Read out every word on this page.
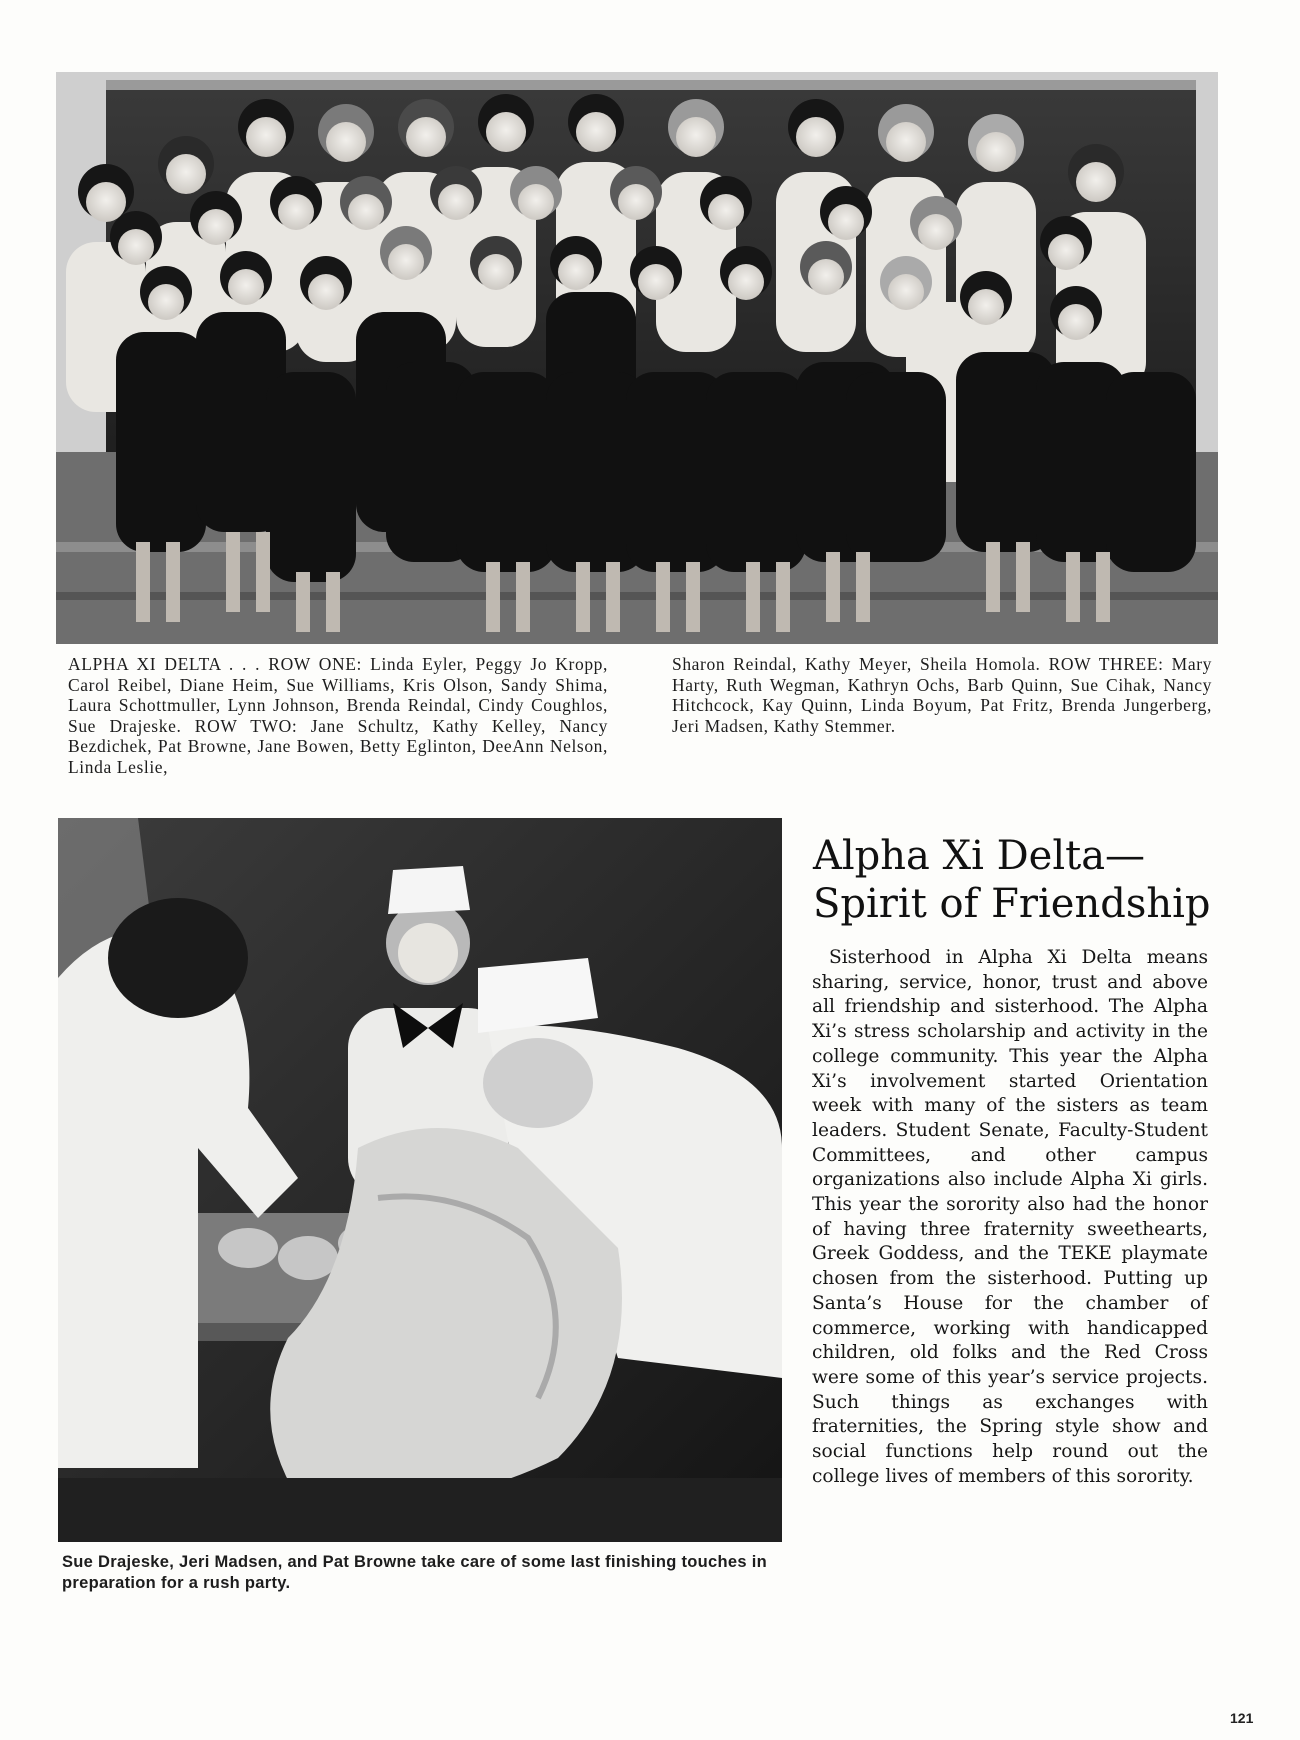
ALPHA XI DELTA . . . ROW ONE: Linda Eyler, Peggy Jo Kropp, Carol Reibel, Diane Heim, Sue Williams, Kris Olson, Sandy Shima, Laura Schottmuller, Lynn Johnson, Brenda Reindal, Cindy Coughlos, Sue Drajeske. ROW TWO: Jane Schultz, Kathy Kelley, Nancy Bezdichek, Pat Browne, Jane Bowen, Betty Eglinton, DeeAnn Nelson, Linda Leslie,
Sharon Reindal, Kathy Meyer, Sheila Homola. ROW THREE: Mary Harty, Ruth Wegman, Kathryn Ochs, Barb Quinn, Sue Cihak, Nancy Hitchcock, Kay Quinn, Linda Boyum, Pat Fritz, Brenda Jungerberg, Jeri Madsen, Kathy Stemmer.
Sue Drajeske, Jeri Madsen, and Pat Browne take care of some last finishing touches in preparation for a rush party.
Alpha Xi Delta—
Spirit of Friendship

Sisterhood in Alpha Xi Delta means sharing, service, honor, trust and above all friendship and sisterhood. The Alpha Xi’s stress scholarship and activity in the college community. This year the Alpha Xi’s involvement started Orientation week with many of the sisters as team leaders. Student Senate, Faculty-Student Committees, and other campus organizations also include Alpha Xi girls. This year the sorority also had the honor of having three fraternity sweethearts, Greek Goddess, and the TEKE playmate chosen from the sisterhood. Putting up Santa’s House for the chamber of commerce, working with handicapped children, old folks and the Red Cross were some of this year’s service projects. Such things as exchanges with fraternities, the Spring style show and social functions help round out the college lives of members of this sorority.

121
